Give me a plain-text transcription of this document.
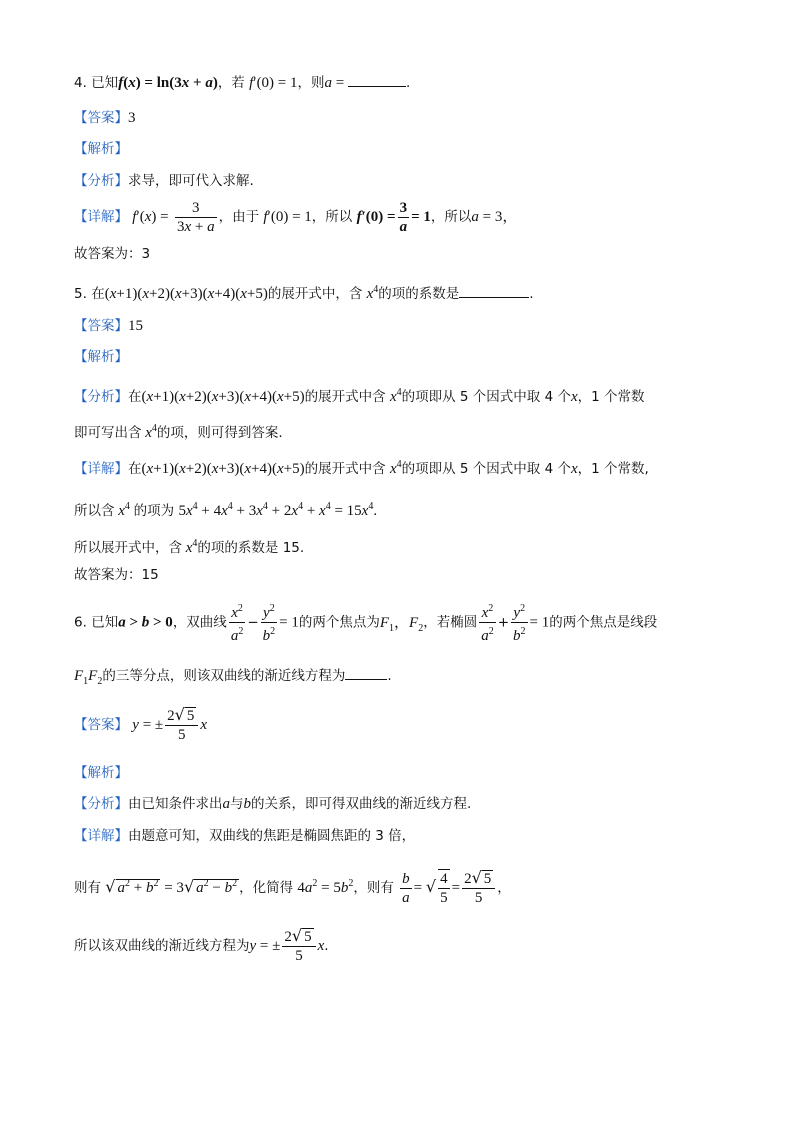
4. 已知f(x) = ln(3x + a)，若 f′(0) = 1，则a =	.
【答案】3
【解析】
【分析】求导，即可代入求解.
【详解】 $f'(x) = \frac{3}{3x + a}$ ，由于 f′(0) = 1，所以 $f'(0) = \frac{3}{a} = 1$，所以a = 3，
故答案为：3
5. 在(x+1)(x+2)(x+3)(x+4)(x+5)的展开式中，含 $x^4$的项的系数是	.
【答案】15
【解析】
【分析】在(x+1)(x+2)(x+3)(x+4)(x+5)的展开式中含 $x^4$的项即从 5 个因式中取 4 个x，1 个常数
即可写出含 $x^4$的项，则可得到答案.
【详解】在(x+1)(x+2)(x+3)(x+4)(x+5)的展开式中含 $x^4$的项即从 5 个因式中取 4 个x，1 个常数,
所以含 $x^4$ 的项为 $5x^4 + 4x^4 + 3x^4 + 2x^4 + x^4 = 15x^4$.
所以展开式中，含 $x^4$的项的系数是 15.
故答案为：15
6. 已知a > b > 0，双曲线 $\frac{x^2}{a^2} - \frac{y^2}{b^2} = 1$的两个焦点为$F_1$，$F_2$，若椭圆 $\frac{x^2}{a^2} + \frac{y^2}{b^2} = 1$的两个焦点是线段
$F_1F_2$的三等分点，则该双曲线的渐近线方程为	.
【答案】 y = ± $\frac{2√ 5}{5}$ x
【解析】
【分析】由已知条件求出a与b的关系，即可得双曲线的渐近线方程.
【详解】由题意可知，双曲线的焦距是椭圆焦距的 3 倍，
则有 √ $a^2 + b^2 = 3√$ $a^2 - b^2$ ，化简得 $4a^2 = 5b^2$，则有 $\frac{b}{a}$ = √ $\frac{4}{5} = \frac{2√ 5}{5}$ ，
所以该双曲线的渐近线方程为y = ± $\frac{2√ 5}{5} x$.
